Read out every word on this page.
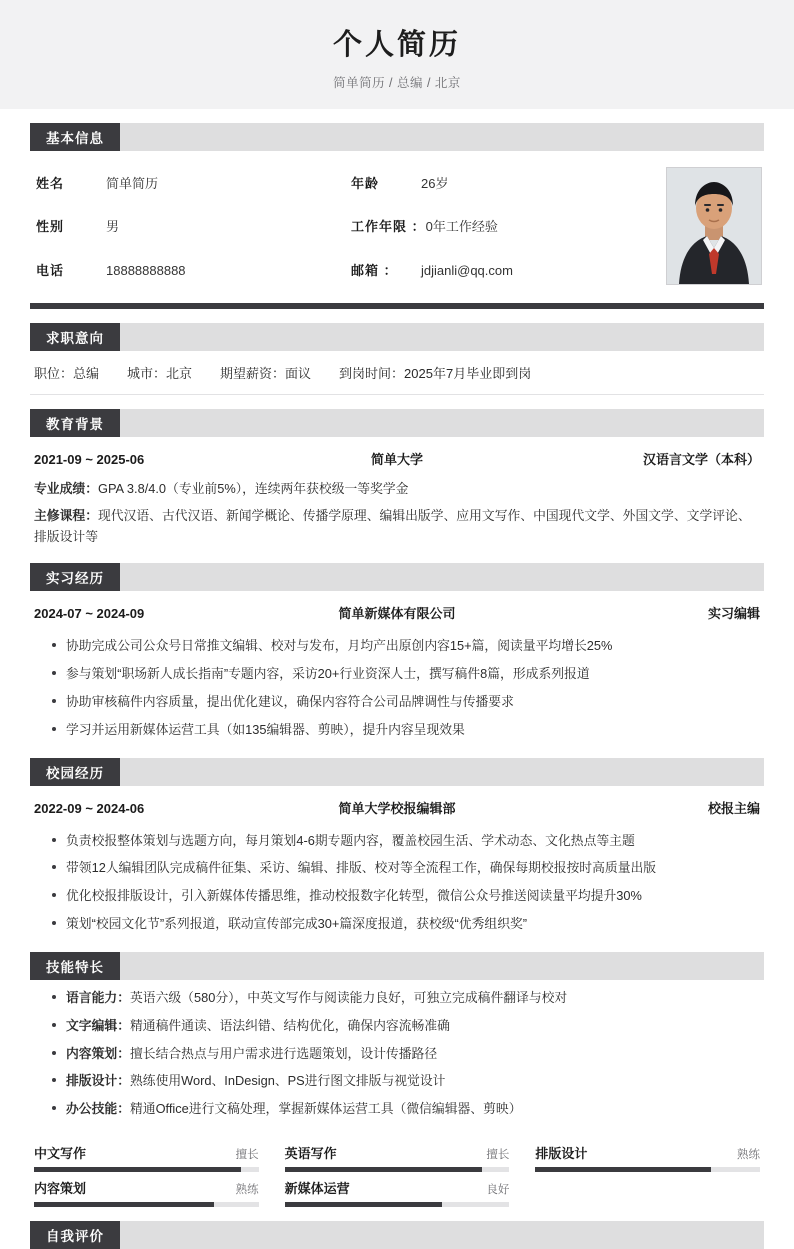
个人简历
简单简历 / 总编 / 北京
基本信息
姓名	简单简历	年龄	26岁
性别	男	工作年限 ： 0年工作经验
电话	18888888888	邮箱 ：	jdjianli@qq.com
求职意向
职位：总编 城市：北京 期望薪资：面议 到岗时间：2025年7月毕业即到岗
教育背景
2021-09 ~ 2025-06	简单大学	汉语言文学（本科）
专业成绩：GPA 3.8/4.0（专业前5%），连续两年获校级一等奖学金
主修课程：现代汉语、古代汉语、新闻学概论、传播学原理、编辑出版学、应用文写作、中国现代文学、外国文学、文学评论、排版设计等
实习经历
2024-07 ~ 2024-09	简单新媒体有限公司	实习编辑
协助完成公司公众号日常推文编辑、校对与发布，月均产出原创内容15+篇，阅读量平均增长25%
参与策划“职场新人成长指南”专题内容，采访20+行业资深人士，撰写稿件8篇，形成系列报道
协助审核稿件内容质量，提出优化建议，确保内容符合公司品牌调性与传播要求
学习并运用新媒体运营工具（如135编辑器、剪映），提升内容呈现效果
校园经历
2022-09 ~ 2024-06	简单大学校报编辑部	校报主编
负责校报整体策划与选题方向，每月策划4-6期专题内容，覆盖校园生活、学术动态、文化热点等主题
带领12人编辑团队完成稿件征集、采访、编辑、排版、校对等全流程工作，确保每期校报按时高质量出版
优化校报排版设计，引入新媒体传播思维，推动校报数字化转型，微信公众号推送阅读量平均提升30%
策划“校园文化节”系列报道，联动宣传部完成30+篇深度报道，获校级“优秀组织奖”
技能特长
语言能力：英语六级（580分），中英文写作与阅读能力良好，可独立完成稿件翻译与校对
文字编辑：精通稿件通读、语法纠错、结构优化，确保内容流畅准确
内容策划：擅长结合热点与用户需求进行选题策划，设计传播路径
排版设计：熟练使用Word、InDesign、PS进行图文排版与视觉设计
办公技能：精通Office进行文稿处理，掌握新媒体运营工具（微信编辑器、剪映）
中文写作	擅长 英语写作	擅长 排版设计	熟练
内容策划	熟练 新媒体运营	良好
自我评价
